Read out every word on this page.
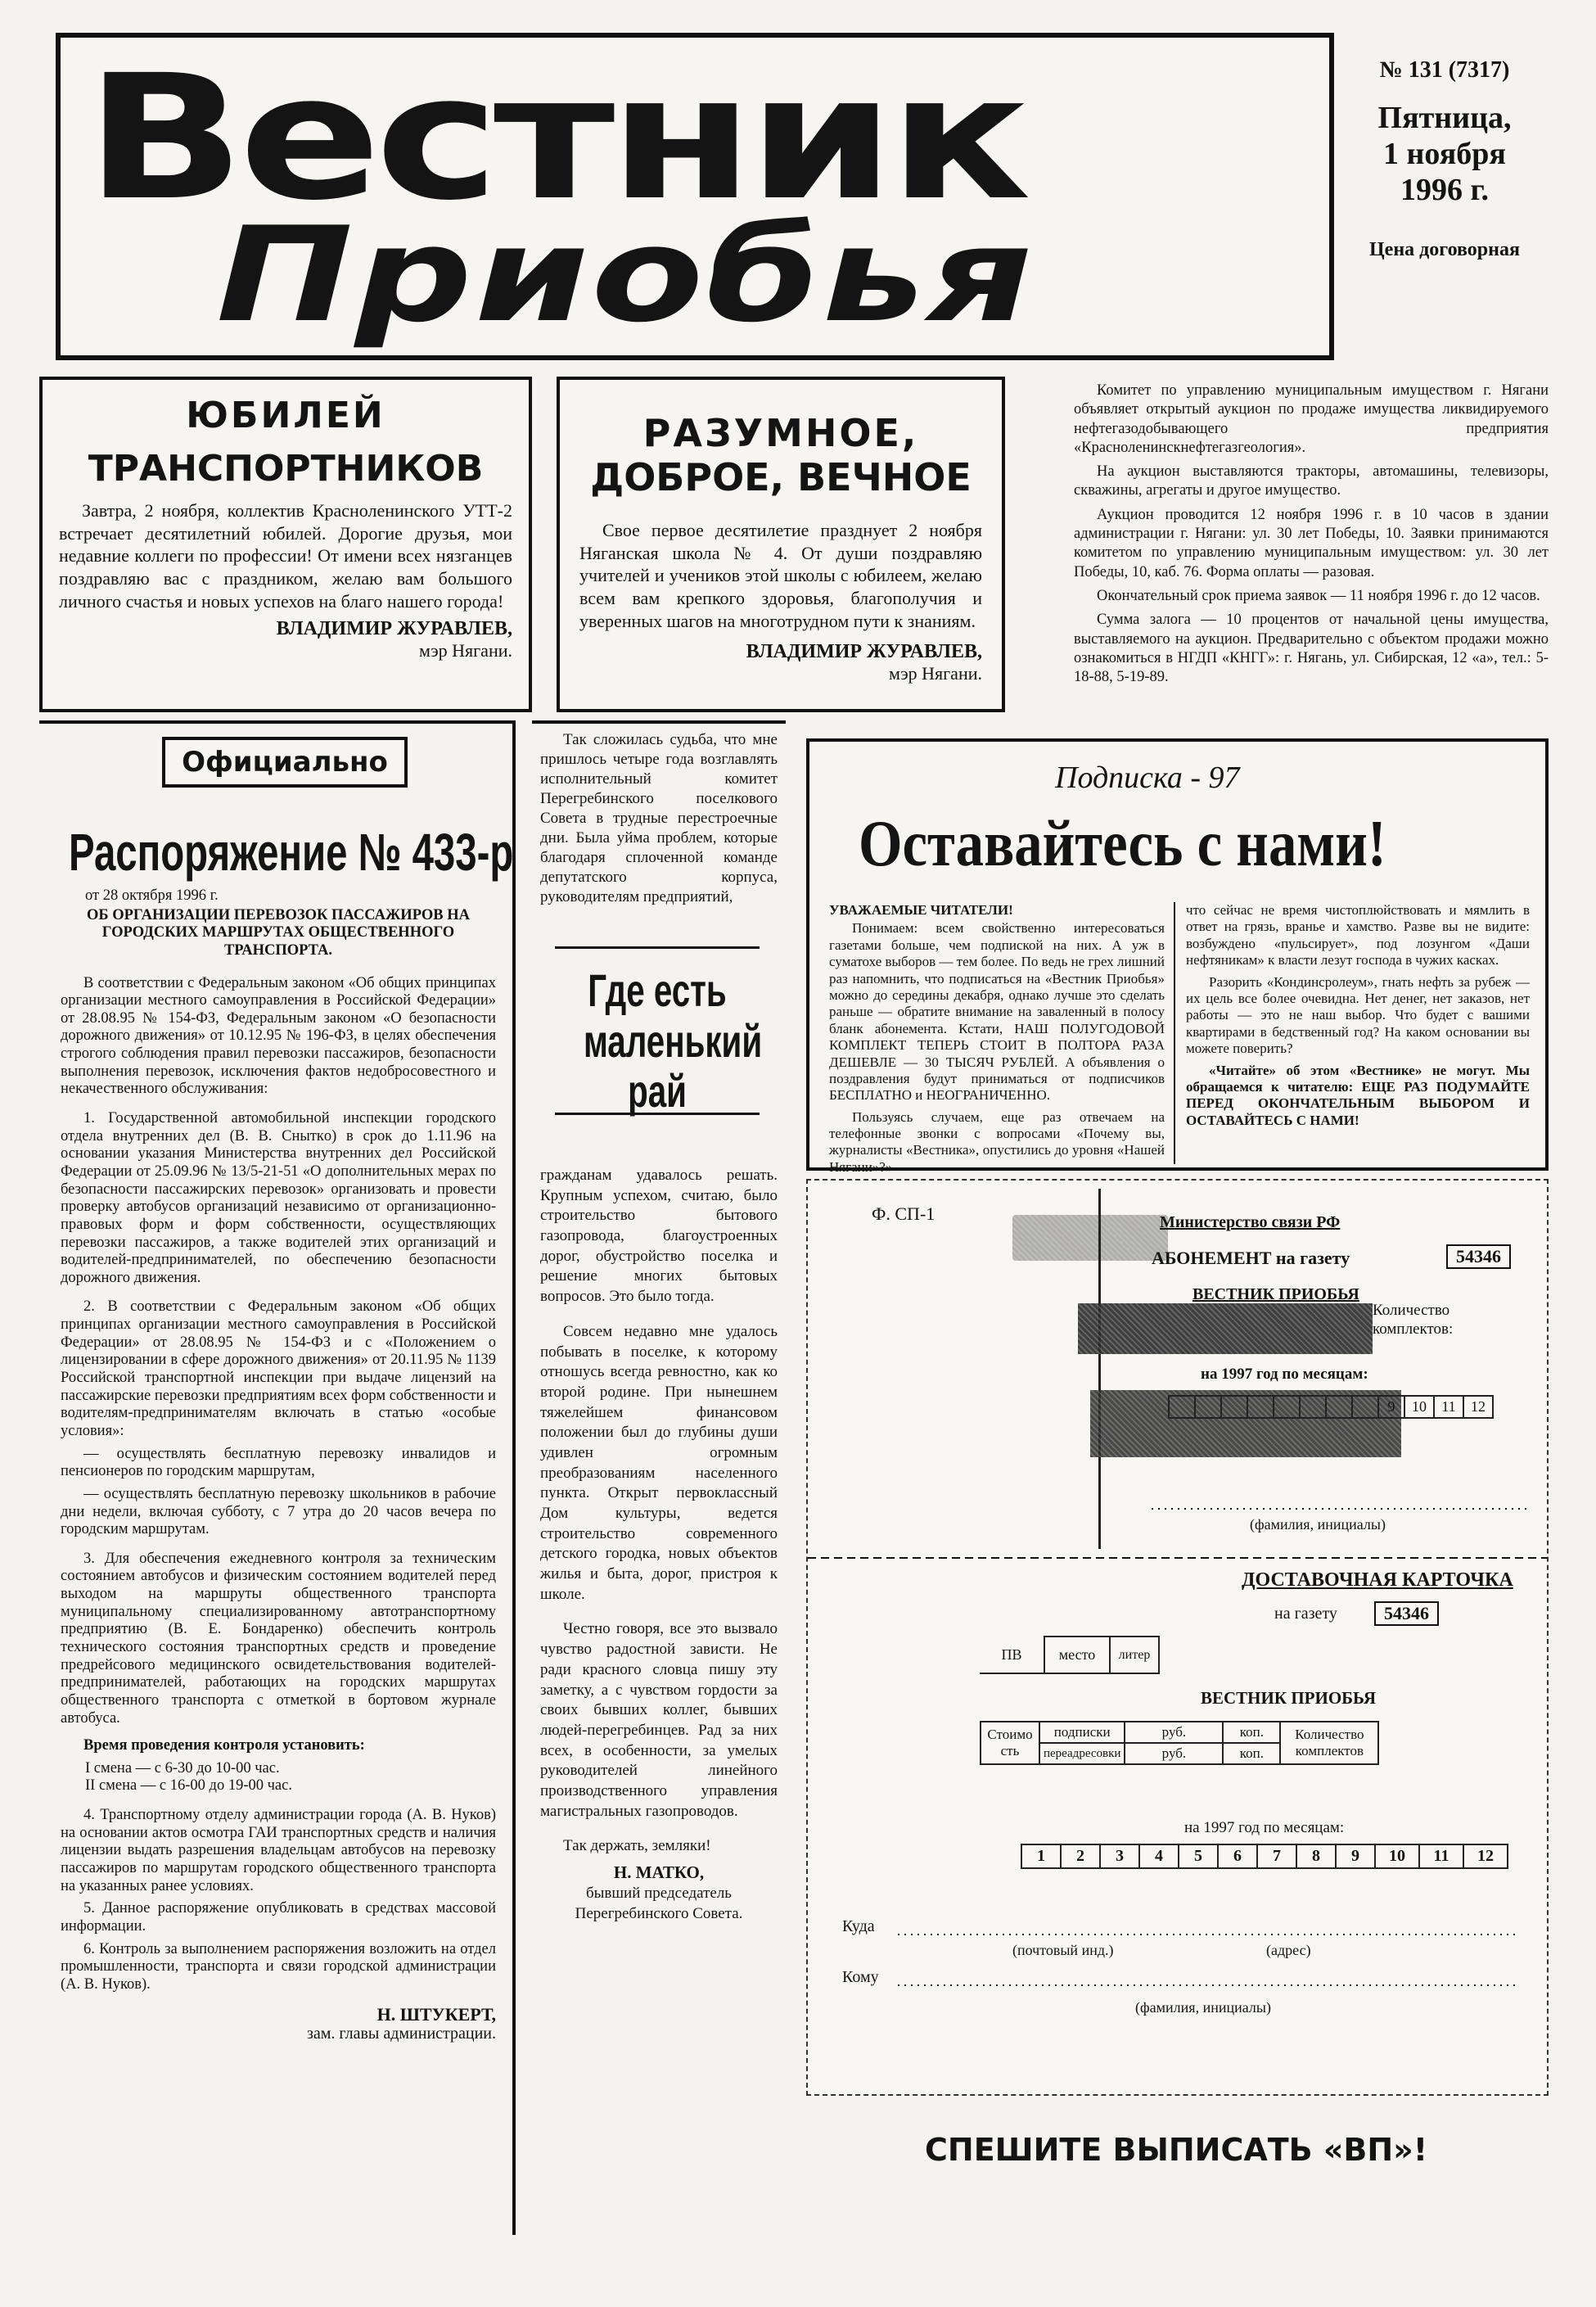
Вестник
Приобья
№ 131 (7317)
Пятница,
1 ноября
1996 г.
Цена договорная
ЮБИЛЕЙ
ТРАНСПОРТНИКОВ
Завтра, 2 ноября, коллектив Красноленинского УТТ-2 встречает десятилетний юбилей. Дорогие друзья, мои недавние коллеги по профессии! От имени всех нязганцев поздравляю вас с праздником, желаю вам большого личного счастья и новых успехов на благо нашего города!
ВЛАДИМИР ЖУРАВЛЕВ,
мэр Нягани.
РАЗУМНОЕ,
ДОБРОЕ, ВЕЧНОЕ
Свое первое десятилетие празднует 2 ноября Няганская школа № 4. От души поздравляю учителей и учеников этой школы с юбилеем, желаю всем вам крепкого здоровья, благополучия и уверенных шагов на многотрудном пути к знаниям.
ВЛАДИМИР ЖУРАВЛЕВ,
мэр Нягани.

Комитет по управлению муниципальным имуществом г. Нягани объявляет открытый аукцион по продаже имущества ликвидируемого нефтегазодобывающего предприятия «Красноленинскнефтегазгеология».

На аукцион выставляются тракторы, автомашины, телевизоры, скважины, агрегаты и другое имущество.

Аукцион проводится 12 ноября 1996 г. в 10 часов в здании администрации г. Нягани: ул. 30 лет Победы, 10. Заявки принимаются комитетом по управлению муниципальным имуществом: ул. 30 лет Победы, 10, каб. 76. Форма оплаты — разовая.

Окончательный срок приема заявок — 11 ноября 1996 г. до 12 часов.

Сумма залога — 10 процентов от начальной цены имущества, выставляемого на аукцион. Предварительно с объектом продажи можно ознакомиться в НГДП «КНГГ»: г. Нягань, ул. Сибирская, 12 «а», тел.: 5-18-88, 5-19-89.

Официально
Распоряжение № 433-р
от 28 октября 1996 г.
ОБ ОРГАНИЗАЦИИ ПЕРЕВОЗОК ПАССАЖИРОВ НА ГОРОДСКИХ МАРШРУТАХ ОБЩЕСТВЕННОГО ТРАНСПОРТА.

В соответствии с Федеральным законом «Об общих принципах организации местного самоуправления в Российской Федерации» от 28.08.95 № 154-ФЗ, Федеральным законом «О безопасности дорожного движения» от 10.12.95 № 196-ФЗ, в целях обеспечения строгого соблюдения правил перевозки пассажиров, безопасности выполнения перевозок, исключения фактов недобросовестного и некачественного обслуживания:

1. Государственной автомобильной инспекции городского отдела внутренних дел (В. В. Сныткo) в срок до 1.11.96 на основании указания Министерства внутренних дел Российской Федерации от 25.09.96 № 13/5-21-51 «О дополнительных мерах по безопасности пассажирских перевозок» организовать и провести проверку автобусов организаций независимо от организационно-правовых форм и форм собственности, осуществляющих перевозки пассажиров, а также водителей этих организаций и водителей-предпринимателей, по обеспечению безопасности дорожного движения.

2. В соответствии с Федеральным законом «Об общих принципах организации местного самоуправления в Российской Федерации» от 28.08.95 № 154-ФЗ и с «Положением о лицензировании в сфере дорожного движения» от 20.11.95 № 1139 Российской транспортной инспекции при выдаче лицензий на пассажирские перевозки предприятиям всех форм собственности и водителям-предпринимателям включать в статью «особые условия»:

— осуществлять бесплатную перевозку инвалидов и пенсионеров по городским маршрутам,

— осуществлять бесплатную перевозку школьников в рабочие дни недели, включая субботу, с 7 утра до 20 часов вечера по городским маршрутам.

3. Для обеспечения ежедневного контроля за техническим состоянием автобусов и физическим состоянием водителей перед выходом на маршруты общественного транспорта муниципальному специализированному автотранспортному предприятию (В. Е. Бондаренко) обеспечить контроль технического состояния транспортных средств и проведение предрейсового медицинского освидетельствования водителей-предпринимателей, работающих на городских маршрутах общественного транспорта с отметкой в бортовом журнале автобуса.

Время проведения контроля установить:

I смена — с 6-30 до 10-00 час.
II смена — с 16-00 до 19-00 час.

4. Транспортному отделу администрации города (А. В. Нуков) на основании актов осмотра ГАИ транспортных средств и наличия лицензии выдать разрешения владельцам автобусов на перевозку пассажиров по маршрутам городского общественного транспорта на указанных ранее условиях.

5. Данное распоряжение опубликовать в средствах массовой информации.

6. Контроль за выполнением распоряжения возложить на отдел промышленности, транспорта и связи городской администрации (А. В. Нуков).

Н. ШТУКЕРТ,
зам. главы администрации.
Так сложилась судьба, что мне пришлось четыре года возглавлять исполнительный комитет Перегребинского поселкового Совета в трудные перестроечные дни. Была уйма проблем, которые благодаря сплоченной команде депутатского корпуса, руководителям предприятий,
Где есть маленький рай

гражданам удавалось решать. Крупным успехом, считаю, было строительство бытового газопровода, благоустроенных дорог, обустройство поселка и решение многих бытовых вопросов. Это было тогда.

Совсем недавно мне удалось побывать в поселке, к которому отношусь всегда ревностно, как ко второй родине. При нынешнем тяжелейшем финансовом положении был до глубины души удивлен огромным преобразованиям населенного пункта. Открыт первоклассный Дом культуры, ведется строительство современного детского городка, новых объектов жилья и быта, дорог, пристроя к школе.

Честно говоря, все это вызвало чувство радостной зависти. Не ради красного словца пишу эту заметку, а с чувством гордости за своих бывших коллег, бывших людей-перегребинцев. Рад за них всех, в особенности, за умелых руководителей линейного производственного управления магистральных газопроводов.

Так держать, земляки!

Н. МАТКО,
бывший председатель
Перегребинского Совета.
Подписка - 97
Оставайтесь с нами!
УВАЖАЕМЫЕ ЧИТАТЕЛИ!

Понимаем: всем свойственно интересоваться газетами больше, чем подпиской на них. А уж в суматохе выборов — тем более. По ведь не грех лишний раз напомнить, что подписаться на «Вестник Приобья» можно до середины декабря, однако лучше это сделать раньше — обратите внимание на заваленный в полосу бланк абонемента. Кстати, НАШ ПОЛУГОДОВОЙ КОМПЛЕКТ ТЕПЕРЬ СТОИТ В ПОЛТОРА РАЗА ДЕШЕВЛЕ — 30 ТЫСЯЧ РУБЛЕЙ. А объявления о поздравления будут приниматься от подписчиков БЕСПЛАТНО и НЕОГРАНИЧЕННО.

Пользуясь случаем, еще раз отвечаем на телефонные звонки с вопросами «Почему вы, журналисты «Вестника», опустились до уровня «Нашей Нягани»?»

что сейчас не время чистоплюйствовать и мямлить в ответ на грязь, вранье и хамство. Разве вы не видите: возбуждено «пульсирует», под лозунгом «Даши нефтяникам» к власти лезут господа в чужих касках.

Разорить «Кондинсролеум», гнать нефть за рубеж — их цель все более очевидна. Нет денег, нет заказов, нет работы — это не наш выбор. Что будет с вашими квартирами в бедственный год? На каком основании вы можете поверить?

«Читайте» об этом «Вестнике» не могут. Мы обращаемся к читателю: ЕЩЕ РАЗ ПОДУМАЙТЕ ПЕРЕД ОКОНЧАТЕЛЬНЫМ ВЫБОРОМ И ОСТАВАЙТЕСЬ С НАМИ!

Ф. СП-1	Министерство связи РФ
АБОНЕМЕНТ на газету	54346
ВЕСТНИК ПРИОБЬЯ
Количество комплектов:
на 1997 год по месяцам:
9	10	11	12
(фамилия, инициалы)
ДОСТАВОЧНАЯ КАРТОЧКА
на газету	54346
ПВ	место	литер
ВЕСТНИК ПРИОБЬЯ
Стоимость	подписки	руб.	коп.	Количество комплектов
	переадресовки	руб.	коп.	
на 1997 год по месяцам:
1	2	3	4	5	6	7	8	9	10	11	12
Куда
(почтовый инд.)	(адрес)
Кому
(фамилия, инициалы)
СПЕШИТЕ ВЫПИСАТЬ «ВП»!
